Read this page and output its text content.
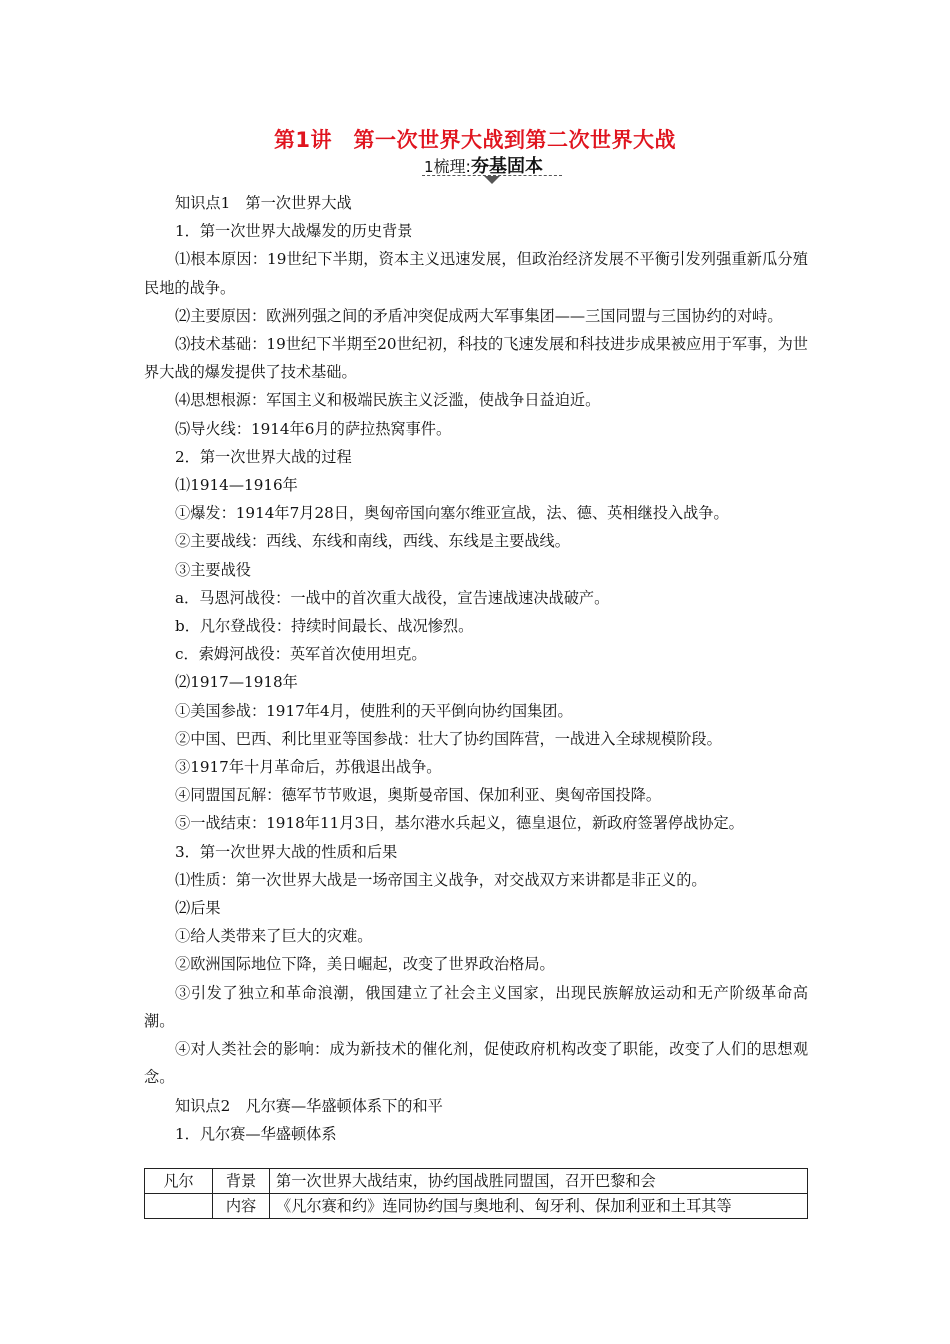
第1讲　第一次世界大战到第二次世界大战
1梳理:夯基固本

知识点1　第一次世界大战

1．第一次世界大战爆发的历史背景

⑴根本原因：19世纪下半期，资本主义迅速发展，但政治经济发展不平衡引发列强重新瓜分殖民地的战争。

⑵主要原因：欧洲列强之间的矛盾冲突促成两大军事集团——三国同盟与三国协约的对峙。

⑶技术基础：19世纪下半期至20世纪初，科技的飞速发展和科技进步成果被应用于军事，为世界大战的爆发提供了技术基础。

⑷思想根源：军国主义和极端民族主义泛滥，使战争日益迫近。

⑸导火线：1914年6月的萨拉热窝事件。

2．第一次世界大战的过程

⑴1914—1916年

①爆发：1914年7月28日，奥匈帝国向塞尔维亚宣战，法、德、英相继投入战争。

②主要战线：西线、东线和南线，西线、东线是主要战线。

③主要战役

a．马恩河战役：一战中的首次重大战役，宣告速战速决战破产。

b．凡尔登战役：持续时间最长、战况惨烈。

c．索姆河战役：英军首次使用坦克。

⑵1917—1918年

①美国参战：1917年4月，使胜利的天平倒向协约国集团。

②中国、巴西、利比里亚等国参战：壮大了协约国阵营，一战进入全球规模阶段。

③1917年十月革命后，苏俄退出战争。

④同盟国瓦解：德军节节败退，奥斯曼帝国、保加利亚、奥匈帝国投降。

⑤一战结束：1918年11月3日，基尔港水兵起义，德皇退位，新政府签署停战协定。

3．第一次世界大战的性质和后果

⑴性质：第一次世界大战是一场帝国主义战争，对交战双方来讲都是非正义的。

⑵后果

①给人类带来了巨大的灾难。

②欧洲国际地位下降，美日崛起，改变了世界政治格局。

③引发了独立和革命浪潮，俄国建立了社会主义国家，出现民族解放运动和无产阶级革命高潮。

④对人类社会的影响：成为新技术的催化剂，促使政府机构改变了职能，改变了人们的思想观念。

知识点2　凡尔赛—华盛顿体系下的和平

1．凡尔赛—华盛顿体系

凡尔	背景	第一次世界大战结束，协约国战胜同盟国，召开巴黎和会
	内容	《凡尔赛和约》连同协约国与奥地利、匈牙利、保加利亚和土耳其等
